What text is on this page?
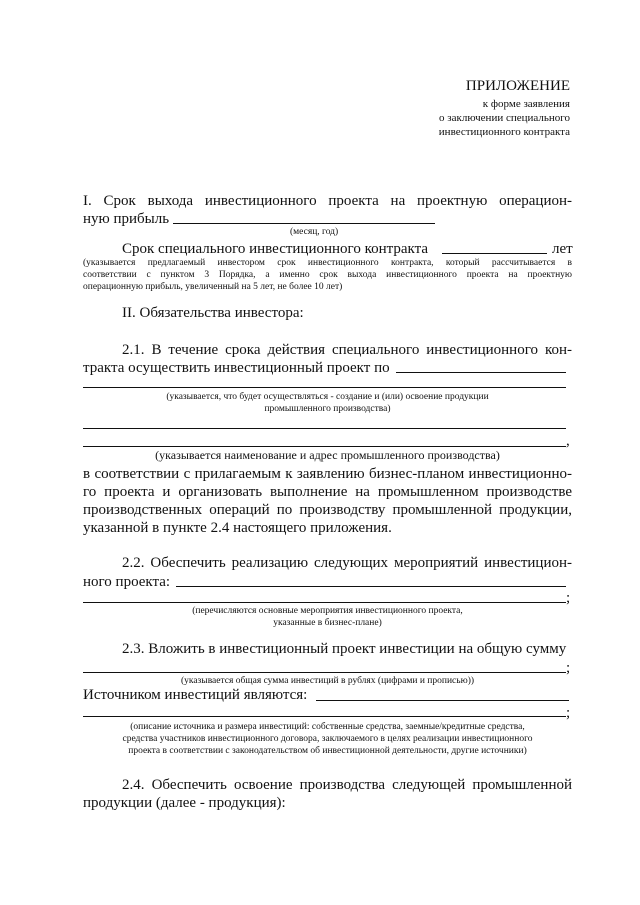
ПРИЛОЖЕНИЕ

к форме заявления

о заключении специального

инвестиционного контракта

I. Срок выхода инвестиционного проекта на проектную операцион-

ную прибыль

(месяц, год)

Срок специального инвестиционного контракта	лет

(указывается предлагаемый инвестором срок инвестиционного контракта, который рассчитывается в

соответствии с пунктом 3 Порядка, а именно срок выхода инвестиционного проекта на проектную

операционную прибыль, увеличенный на 5 лет, не более 10 лет)

II. Обязательства инвестора:

2.1. В течение срока действия специального инвестиционного кон-

тракта осуществить инвестиционный проект по

(указывается, что будет осуществляться - создание и (или) освоение продукции

промышленного производства)

,

(указывается наименование и адрес промышленного производства)

в соответствии с прилагаемым к заявлению бизнес-планом инвестиционно-

го проекта и организовать выполнение на промышленном производстве

производственных операций по производству промышленной продукции,

указанной в пункте 2.4 настоящего приложения.

2.2. Обеспечить реализацию следующих мероприятий инвестицион-

ного проекта:

;

(перечисляются основные мероприятия инвестиционного проекта,

указанные в бизнес-плане)

2.3. Вложить в инвестиционный проект инвестиции на общую сумму

;

(указывается общая сумма инвестиций в рублях (цифрами и прописью))

Источником инвестиций являются:

;

(описание источника и размера инвестиций: собственные средства, заемные/кредитные средства,

средства участников инвестиционного договора, заключаемого в целях реализации инвестиционного

проекта в соответствии с законодательством об инвестиционной деятельности, другие источники)

2.4. Обеспечить освоение производства следующей промышленной

продукции (далее - продукция):
